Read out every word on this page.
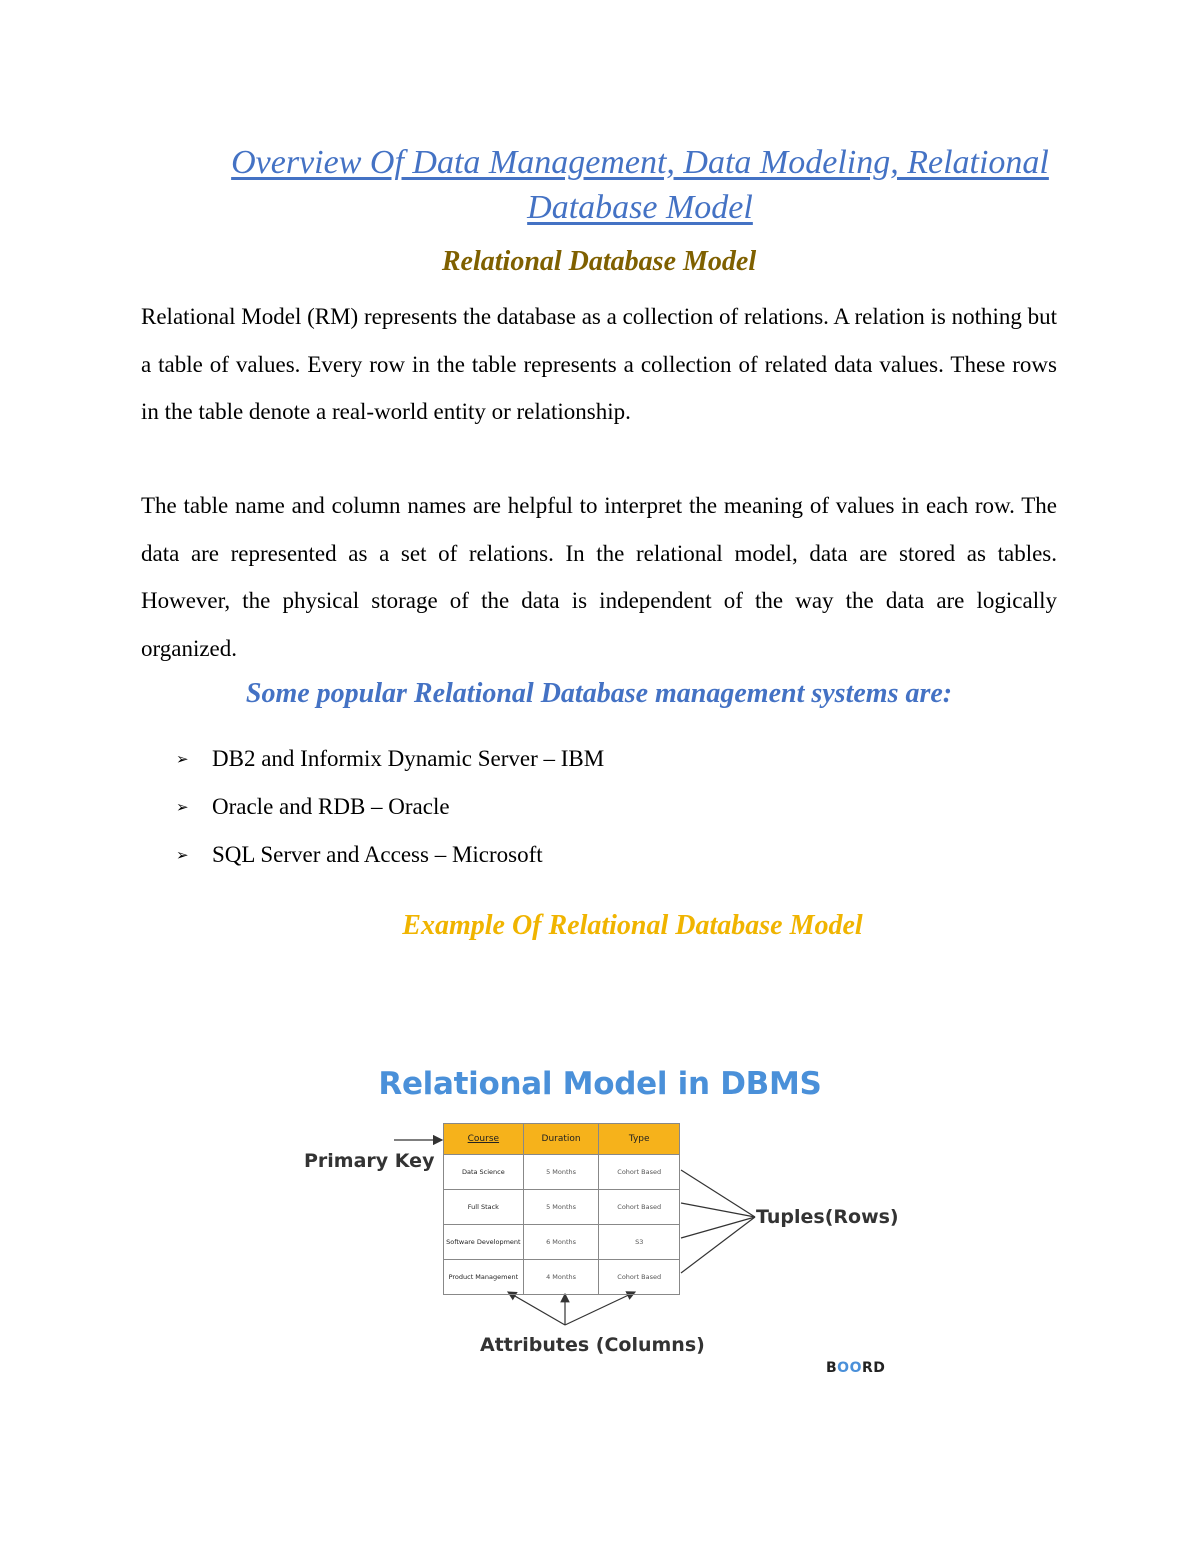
Overview Of Data Management, Data Modeling, Relational
Database Model
Relational Database Model

Relational Model (RM) represents the database as a collection of relations. A relation is nothing but a table of values. Every row in the table represents a collection of related data values. These rows in the table denote a real-world entity or relationship.

The table name and column names are helpful to interpret the meaning of values in each row. The data are represented as a set of relations. In the relational model, data are stored as tables. However, the physical storage of the data is independent of the way the data are logically organized.

Some popular Relational Database management systems are:
➢	DB2 and Informix Dynamic Server – IBM
➢	Oracle and RDB – Oracle
➢	SQL Server and Access – Microsoft
Example Of Relational Database Model
Relational Model in DBMS
Primary Key
Course	Duration	Type
Data Science	5 Months	Cohort Based
Full Stack	5 Months	Cohort Based
Software Development	6 Months	S3
Product Management	4 Months	Cohort Based
Tuples(Rows)
Attributes (Columns)
BOORD
